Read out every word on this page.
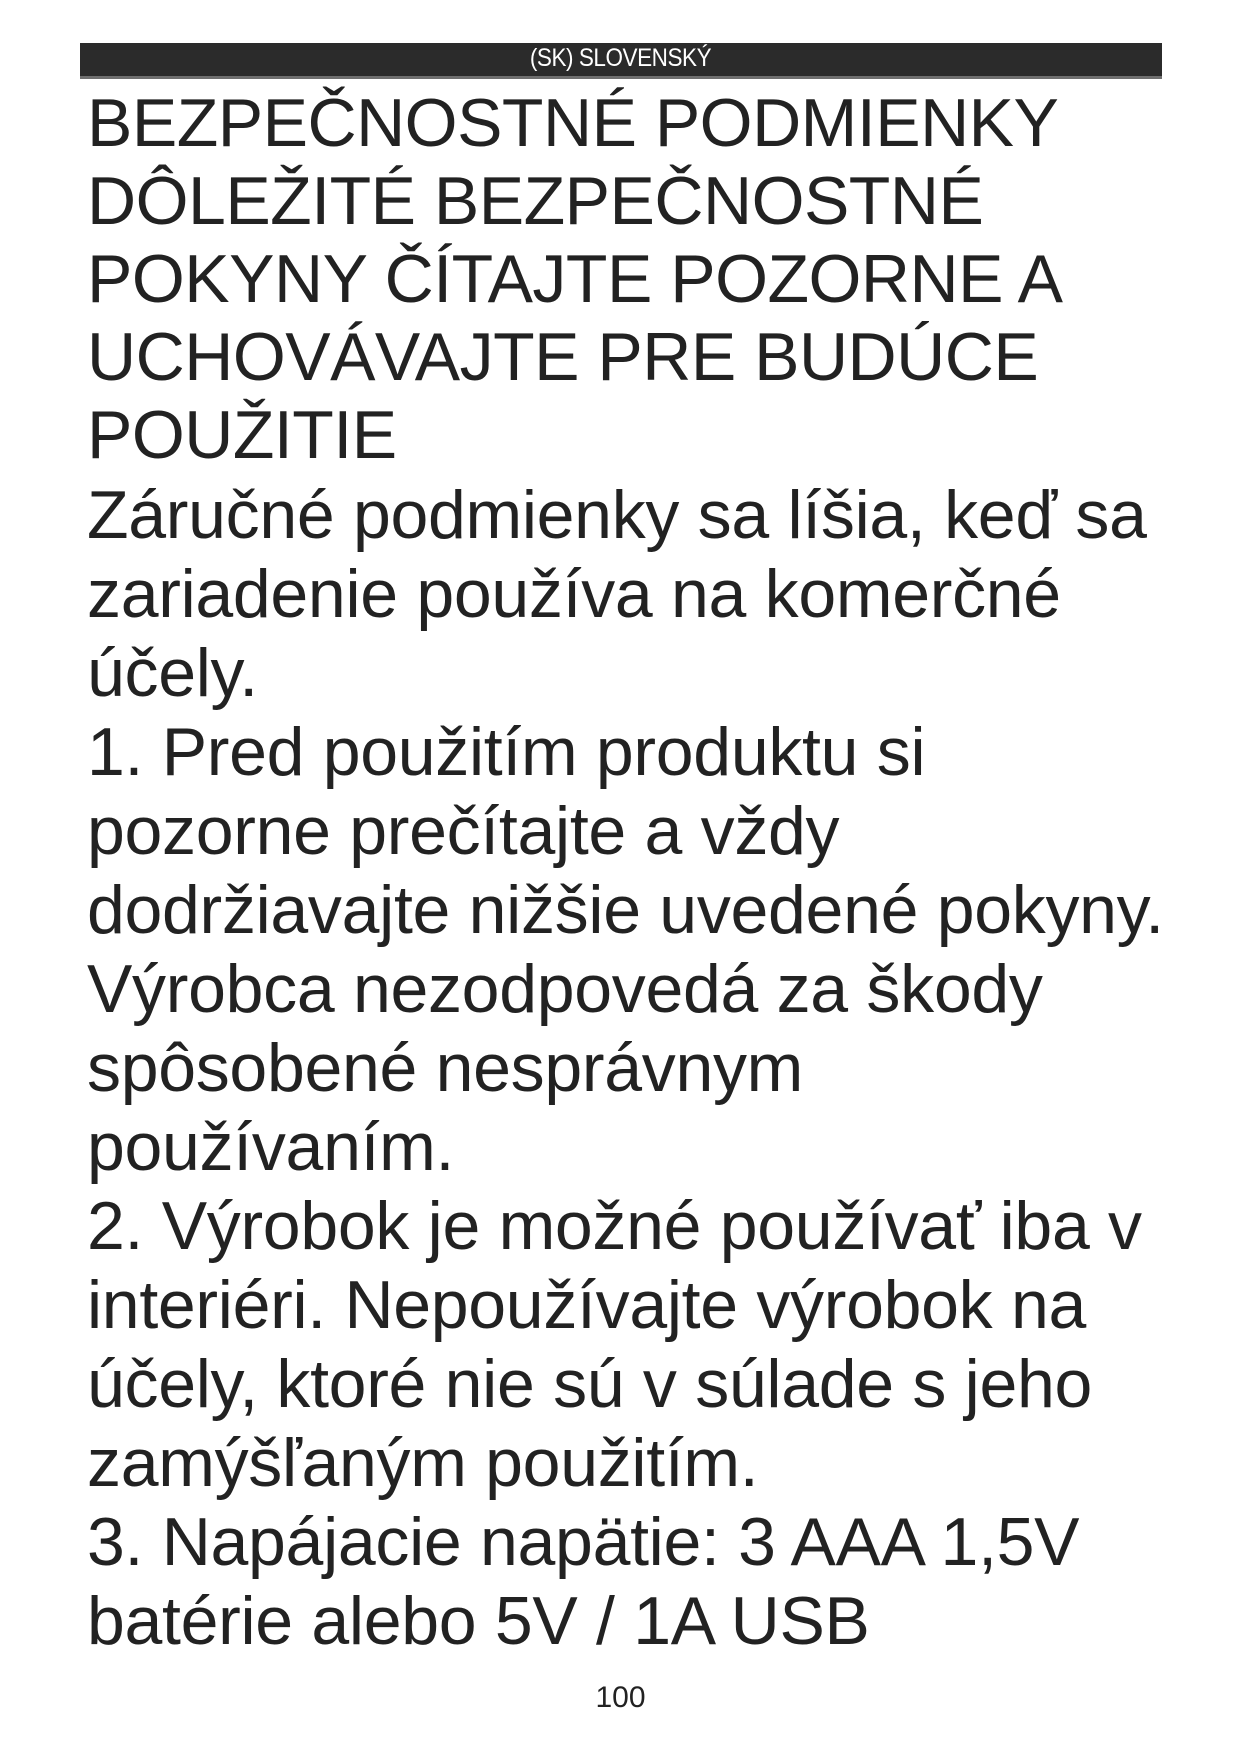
(SK) SLOVENSKÝ
BEZPEČNOSTNÉ PODMIENKY DÔLEŽITÉ BEZPEČNOSTNÉ POKYNY ČÍTAJTE POZORNE A UCHOVÁVAJTE PRE BUDÚCE POUŽITIE

Záručné podmienky sa líšia, keď sa zariadenie používa na komerčné účely.

1. Pred použitím produktu si pozorne prečítajte a vždy dodržiavajte nižšie uvedené pokyny. Výrobca nezodpovedá za škody spôsobené nesprávnym používaním.

2. Výrobok je možné používať iba v interiéri. Nepoužívajte výrobok na účely, ktoré nie sú v súlade s jeho zamýšľaným použitím.

3. Napájacie napätie: 3 AAA 1,5V batérie alebo 5V / 1A USB

100
